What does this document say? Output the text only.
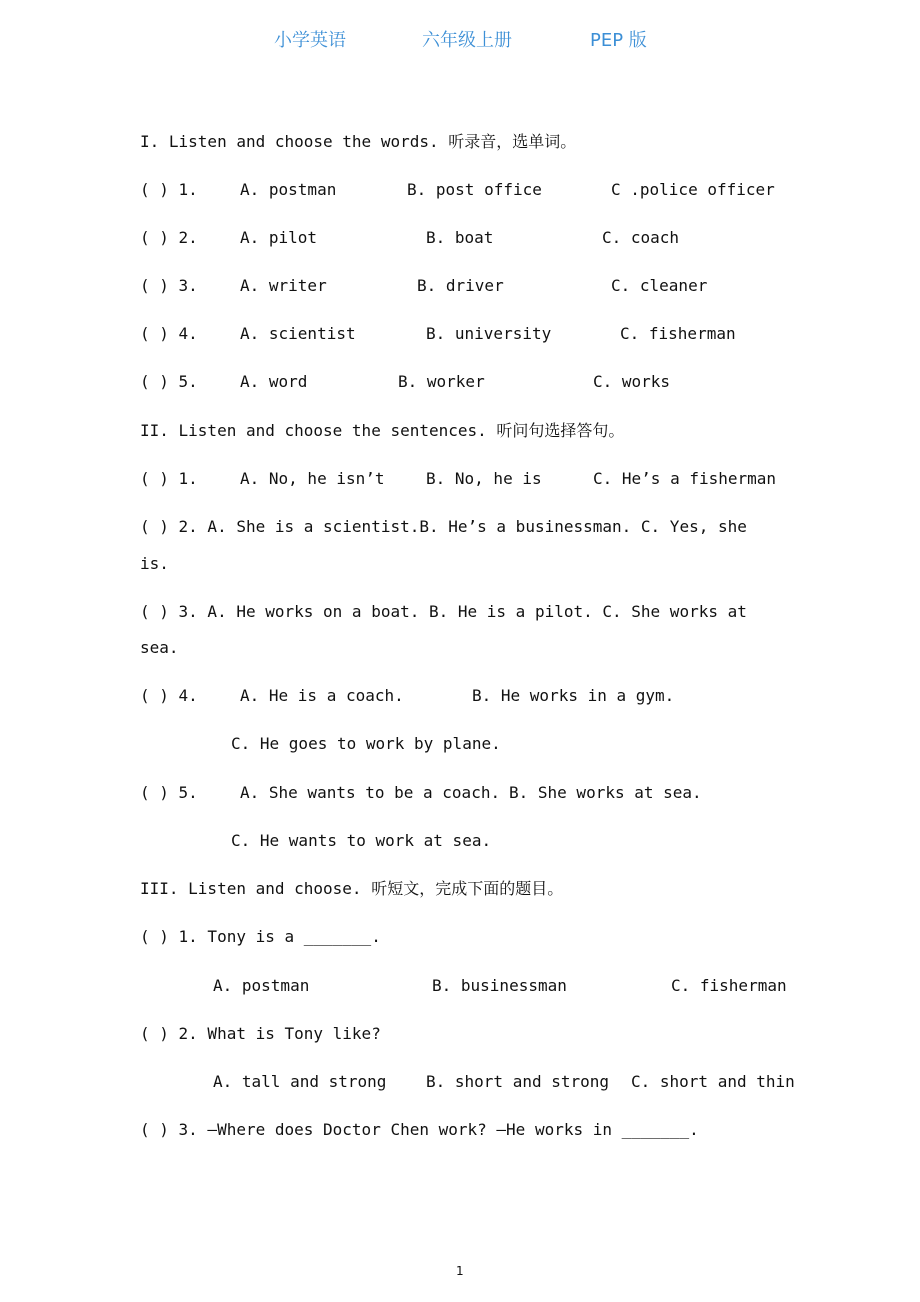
小学英语	六年级上册	PEP 版
I. Listen and choose the words. 听录音，选单词。
( ) 1.	A. postman	B. post office	C .police officer
( ) 2.	A. pilot	B. boat	C. coach
( ) 3.	A. writer	B. driver	C. cleaner
( ) 4.	A. scientist	B. university	C. fisherman
( ) 5.	A. word	B. worker	C. works
II. Listen and choose the sentences. 听问句选择答句。
( ) 1.	A. No, he isn’t	B. No, he is	C. He’s a fisherman
( ) 2. A. She is a scientist.B. He’s a businessman. C. Yes, she
is.
( ) 3. A. He works on a boat. B. He is a pilot. C. She works at
sea.
( ) 4.	A. He is a coach.	B. He works in a gym.
C. He goes to work by plane.
( ) 5.	A. She wants to be a coach. B. She works at sea.
C. He wants to work at sea.
III. Listen and choose. 听短文，完成下面的题目。
( ) 1. Tony is a _______.
A. postman	B. businessman	C. fisherman
( ) 2. What is Tony like?
A. tall and strong B. short and strong C. short and thin
( ) 3. —Where does Doctor Chen work? —He works in _______.
1
